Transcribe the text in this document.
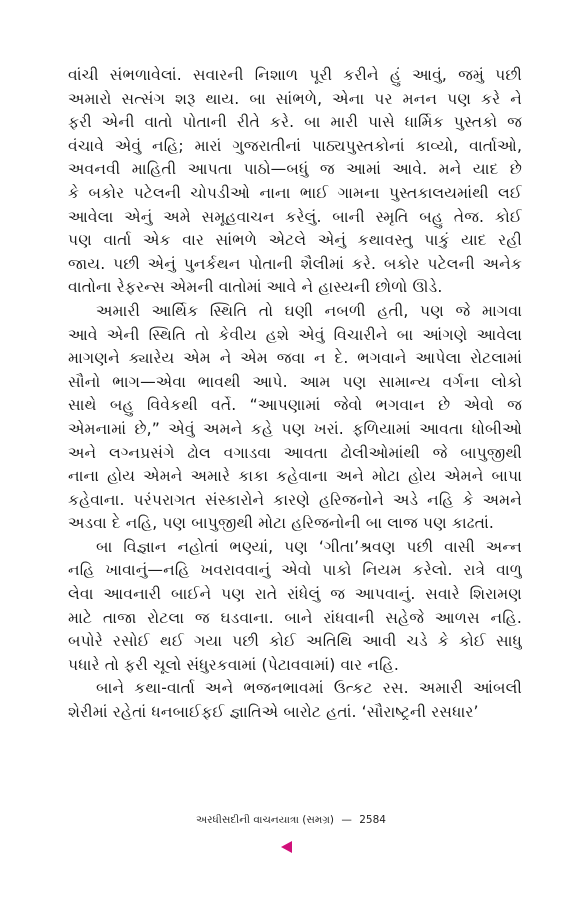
વાંચી સંભળાવેલાં. સવારની નિશાળ પૂરી કરીને હું આવું, જમું પછી
અમારો સત્સંગ શરૂ થાય. બા સાંભળે, એના પર મનન પણ કરે ને
ફરી એની વાતો પોતાની રીતે કરે. બા મારી પાસે ધાર્મિક પુસ્તકો જ
વંચાવે એવું નહિ; મારાં ગુજરાતીનાં પાઠ્યપુસ્તકોનાં કાવ્યો, વાર્તાઓ,
અવનવી માહિતી આપતા પાઠો—બધું જ આમાં આવે. મને યાદ છે
કે બકોર પટેલની ચોપડીઓ નાના ભાઈ ગામના પુસ્તકાલયમાંથી લઈ
આવેલા એનું અમે સમૂહવાચન કરેલું. બાની સ્મૃતિ બહુ તેજ. કોઈ
પણ વાર્તા એક વાર સાંભળે એટલે એનું કથાવસ્તુ પાકું યાદ રહી
જાય. પછી એનું પુનર્કથન પોતાની શૈલીમાં કરે. બકોર પટેલની અનેક
વાતોના રેફરન્સ એમની વાતોમાં આવે ને હાસ્યની છોળો ઊડે.
અમારી આર્થિક સ્થિતિ તો ઘણી નબળી હતી, પણ જે માગવા
આવે એની સ્થિતિ તો કેવીય હશે એવું વિચારીને બા આંગણે આવેલા
માગણને ક્યારેય એમ ને એમ જવા ન દે. ભગવાને આપેલા રોટલામાં
સૌનો ભાગ—એવા ભાવથી આપે. આમ પણ સામાન્ય વર્ગના લોકો
સાથે બહુ વિવેકથી વર્તે. “આપણામાં જેવો ભગવાન છે એવો જ
એમનામાં છે,” એવું અમને કહે પણ ખરાં. ફળિયામાં આવતા ધોબીઓ
અને લગ્નપ્રસંગે ઢોલ વગાડવા આવતા ઢોલીઓમાંથી જે બાપુજીથી
નાના હોય એમને અમારે કાકા કહેવાના અને મોટા હોય એમને બાપા
કહેવાના. પરંપરાગત સંસ્કારોને કારણે હરિજનોને અડે નહિ કે અમને
અડવા દે નહિ, પણ બાપુજીથી મોટા હરિજનોની બા લાજ પણ કાઢતાં.
બા વિજ્ઞાન નહોતાં ભણ્યાં, પણ ‘ગીતા’શ્રવણ પછી વાસી અન્ન
નહિ ખાવાનું—નહિ ખવરાવવાનું એવો પાકો નિયમ કરેલો. રાત્રે વાળુ
લેવા આવનારી બાઈને પણ રાતે રાંધેલું જ આપવાનું. સવારે શિરામણ
માટે તાજા રોટલા જ ઘડવાના. બાને રાંધવાની સહેજે આળસ નહિ.
બપોરે રસોઈ થઈ ગયા પછી કોઈ અતિથિ આવી ચડે કે કોઈ સાધુ
પધારે તો ફરી ચૂલો સંધુરકવામાં (પેટાવવામાં) વાર નહિ.
બાને કથા-વાર્તા અને ભજનભાવમાં ઉત્કટ રસ. અમારી આંબલી
શેરીમાં રહેતાં ધનબાઈફઈ જ્ઞાતિએ બારોટ હતાં. ‘સૌરાષ્ટ્રની રસધાર’
અરધીસદીની વાચનયાત્રા (સમગ્ર) — 2584
